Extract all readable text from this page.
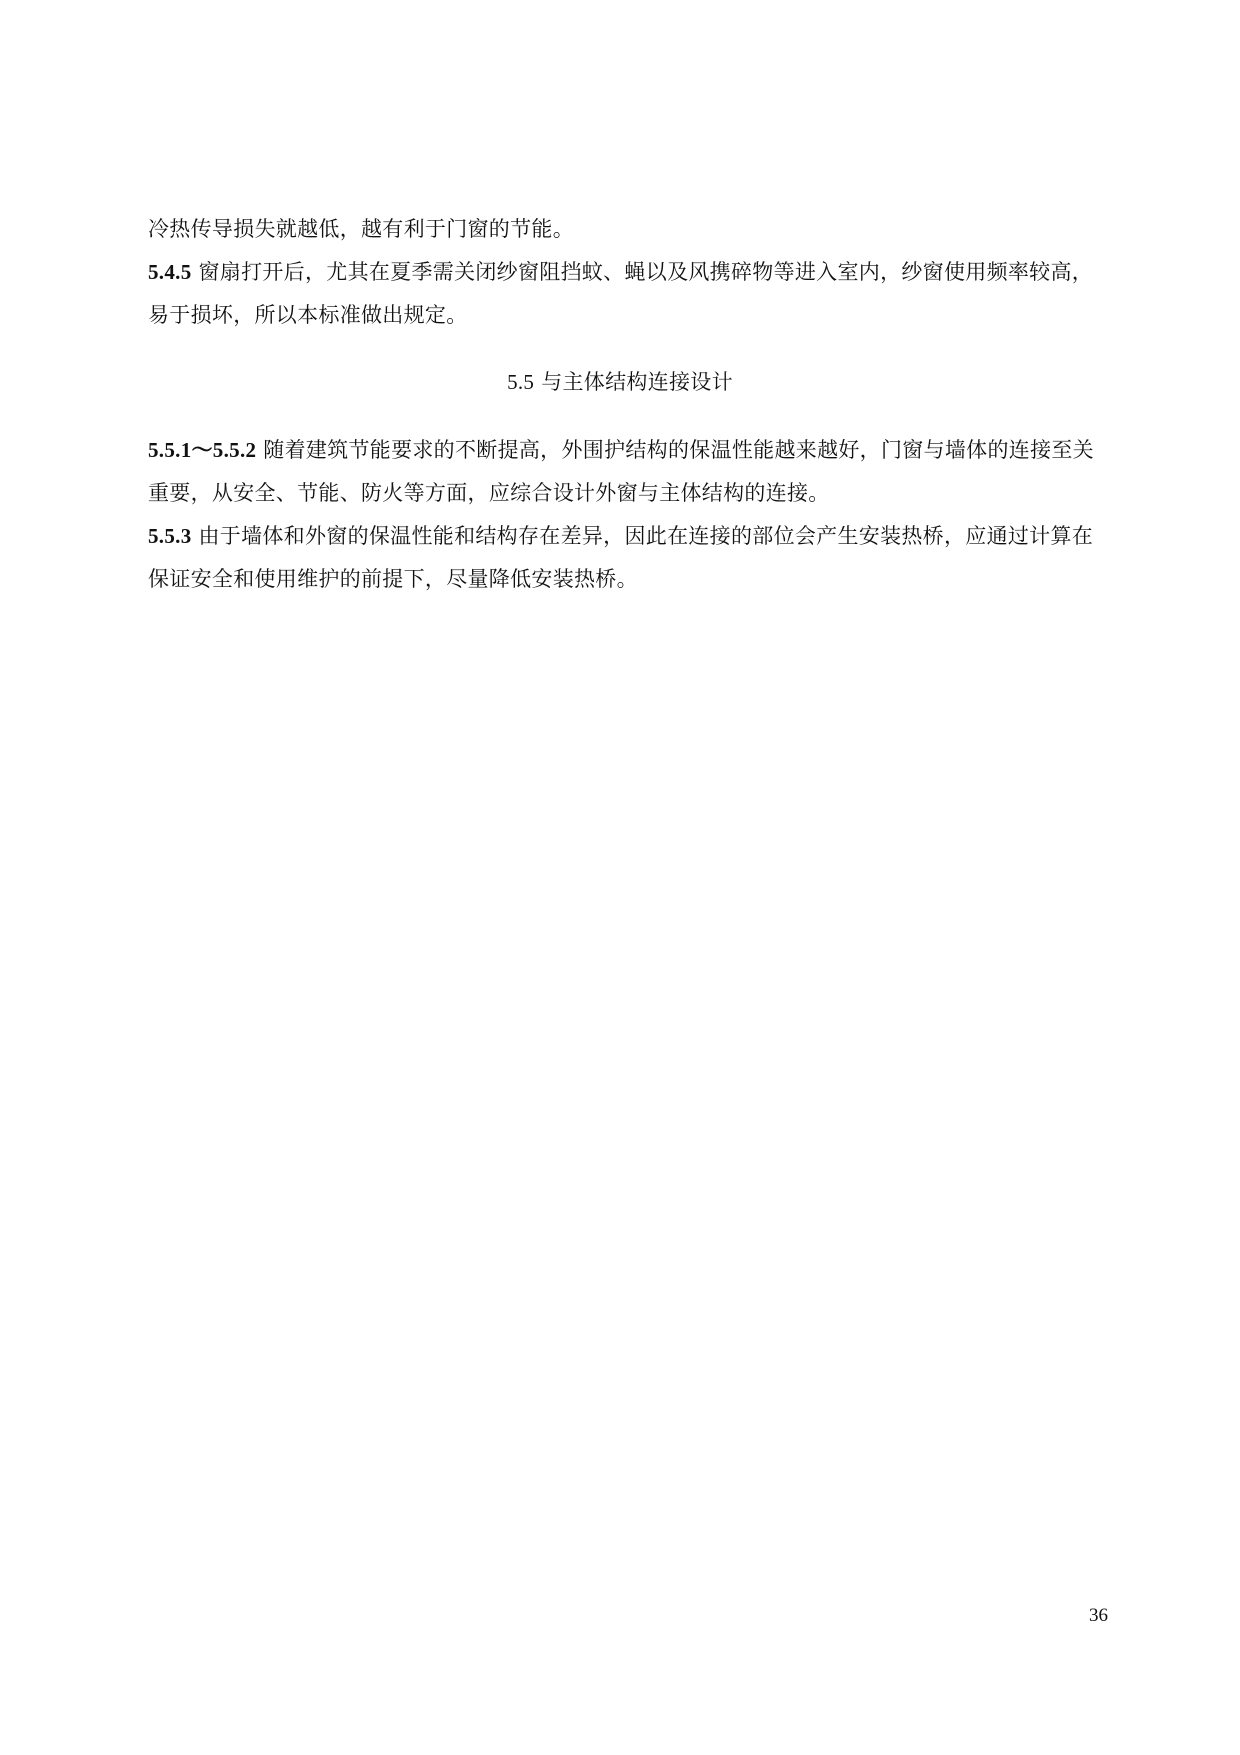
冷热传导损失就越低，越有利于门窗的节能。
5.4.5 窗扇打开后，尤其在夏季需关闭纱窗阻挡蚊、蝇以及风携碎物等进入室内，纱窗使用频率较高，
易于损坏，所以本标准做出规定。
5.5 与主体结构连接设计
5.5.1～5.5.2 随着建筑节能要求的不断提高，外围护结构的保温性能越来越好，门窗与墙体的连接至关
重要，从安全、节能、防火等方面，应综合设计外窗与主体结构的连接。
5.5.3 由于墙体和外窗的保温性能和结构存在差异，因此在连接的部位会产生安装热桥，应通过计算在
保证安全和使用维护的前提下，尽量降低安装热桥。
36
